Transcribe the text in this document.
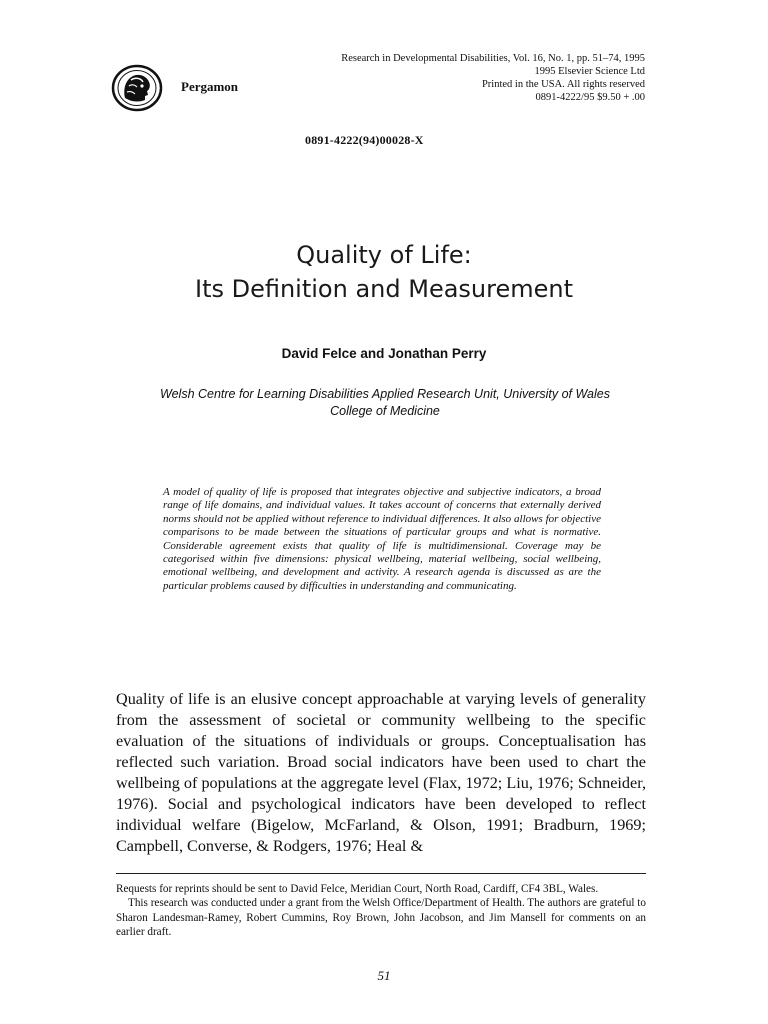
Pergamon
Research in Developmental Disabilities, Vol. 16, No. 1, pp. 51–74, 1995
1995 Elsevier Science Ltd
Printed in the USA. All rights reserved
0891-4222/95 $9.50 + .00
0891-4222(94)00028-X
Quality of Life:
Its Definition and Measurement
David Felce and Jonathan Perry
Welsh Centre for Learning Disabilities Applied Research Unit, University of Wales College of Medicine
A model of quality of life is proposed that integrates objective and subjective indicators, a broad range of life domains, and individual values. It takes account of concerns that externally derived norms should not be applied without reference to individual differences. It also allows for objective comparisons to be made between the situations of particular groups and what is normative. Considerable agreement exists that quality of life is multidimensional. Coverage may be categorised within five dimensions: physical wellbeing, material wellbeing, social wellbeing, emotional wellbeing, and development and activity. A research agenda is discussed as are the particular problems caused by difficulties in understanding and communicating.
Quality of life is an elusive concept approachable at varying levels of generality from the assessment of societal or community wellbeing to the specific evaluation of the situations of individuals or groups. Conceptualisation has reflected such variation. Broad social indicators have been used to chart the wellbeing of populations at the aggregate level (Flax, 1972; Liu, 1976; Schneider, 1976). Social and psychological indicators have been developed to reflect individual welfare (Bigelow, McFarland, & Olson, 1991; Bradburn, 1969; Campbell, Converse, & Rodgers, 1976; Heal &

Requests for reprints should be sent to David Felce, Meridian Court, North Road, Cardiff, CF4 3BL, Wales.

This research was conducted under a grant from the Welsh Office/Department of Health. The authors are grateful to Sharon Landesman-Ramey, Robert Cummins, Roy Brown, John Jacobson, and Jim Mansell for comments on an earlier draft.

51
